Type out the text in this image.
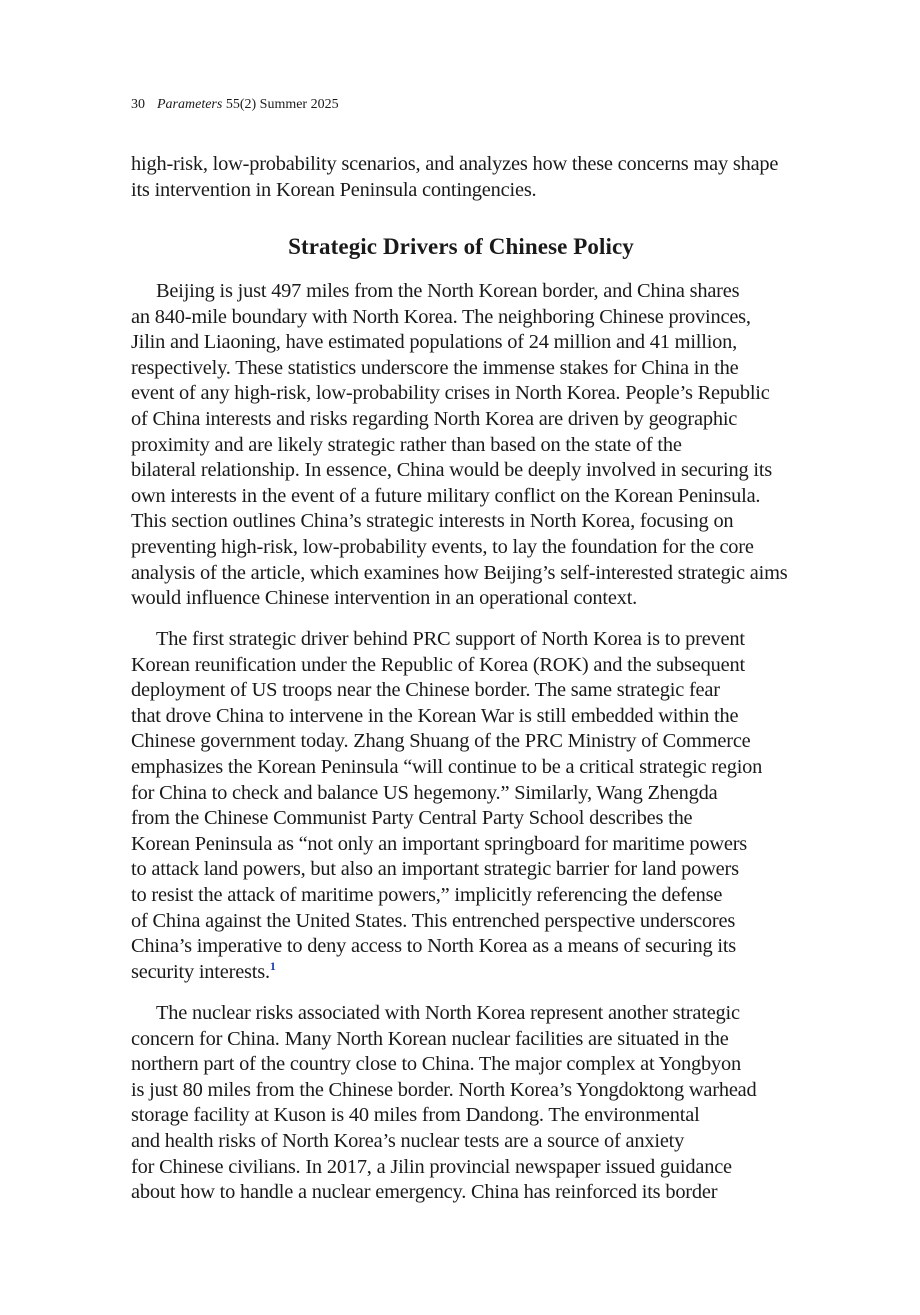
30 Parameters 55(2) Summer 2025
high-risk, low-probability scenarios, and analyzes how these concerns may shape
its intervention in Korean Peninsula contingencies.
Strategic Drivers of Chinese Policy
Beijing is just 497 miles from the North Korean border, and China shares
an 840-mile boundary with North Korea. The neighboring Chinese provinces,
Jilin and Liaoning, have estimated populations of 24 million and 41 million,
respectively. These statistics underscore the immense stakes for China in the
event of any high-risk, low-probability crises in North Korea. People’s Republic
of China interests and risks regarding North Korea are driven by geographic
proximity and are likely strategic rather than based on the state of the
bilateral relationship. In essence, China would be deeply involved in securing its
own interests in the event of a future military conflict on the Korean Peninsula.
This section outlines China’s strategic interests in North Korea, focusing on
preventing high-risk, low-probability events, to lay the foundation for the core
analysis of the article, which examines how Beijing’s self-interested strategic aims
would influence Chinese intervention in an operational context.
The first strategic driver behind PRC support of North Korea is to prevent
Korean reunification under the Republic of Korea (ROK) and the subsequent
deployment of US troops near the Chinese border. The same strategic fear
that drove China to intervene in the Korean War is still embedded within the
Chinese government today. Zhang Shuang of the PRC Ministry of Commerce
emphasizes the Korean Peninsula “will continue to be a critical strategic region
for China to check and balance US hegemony.” Similarly, Wang Zhengda
from the Chinese Communist Party Central Party School describes the
Korean Peninsula as “not only an important springboard for maritime powers
to attack land powers, but also an important strategic barrier for land powers
to resist the attack of maritime powers,” implicitly referencing the defense
of China against the United States. This entrenched perspective underscores
China’s imperative to deny access to North Korea as a means of securing its
security interests.$^1$
The nuclear risks associated with North Korea represent another strategic
concern for China. Many North Korean nuclear facilities are situated in the
northern part of the country close to China. The major complex at Yongbyon
is just 80 miles from the Chinese border. North Korea’s Yongdoktong warhead
storage facility at Kuson is 40 miles from Dandong. The environmental
and health risks of North Korea’s nuclear tests are a source of anxiety
for Chinese civilians. In 2017, a Jilin provincial newspaper issued guidance
about how to handle a nuclear emergency. China has reinforced its border
